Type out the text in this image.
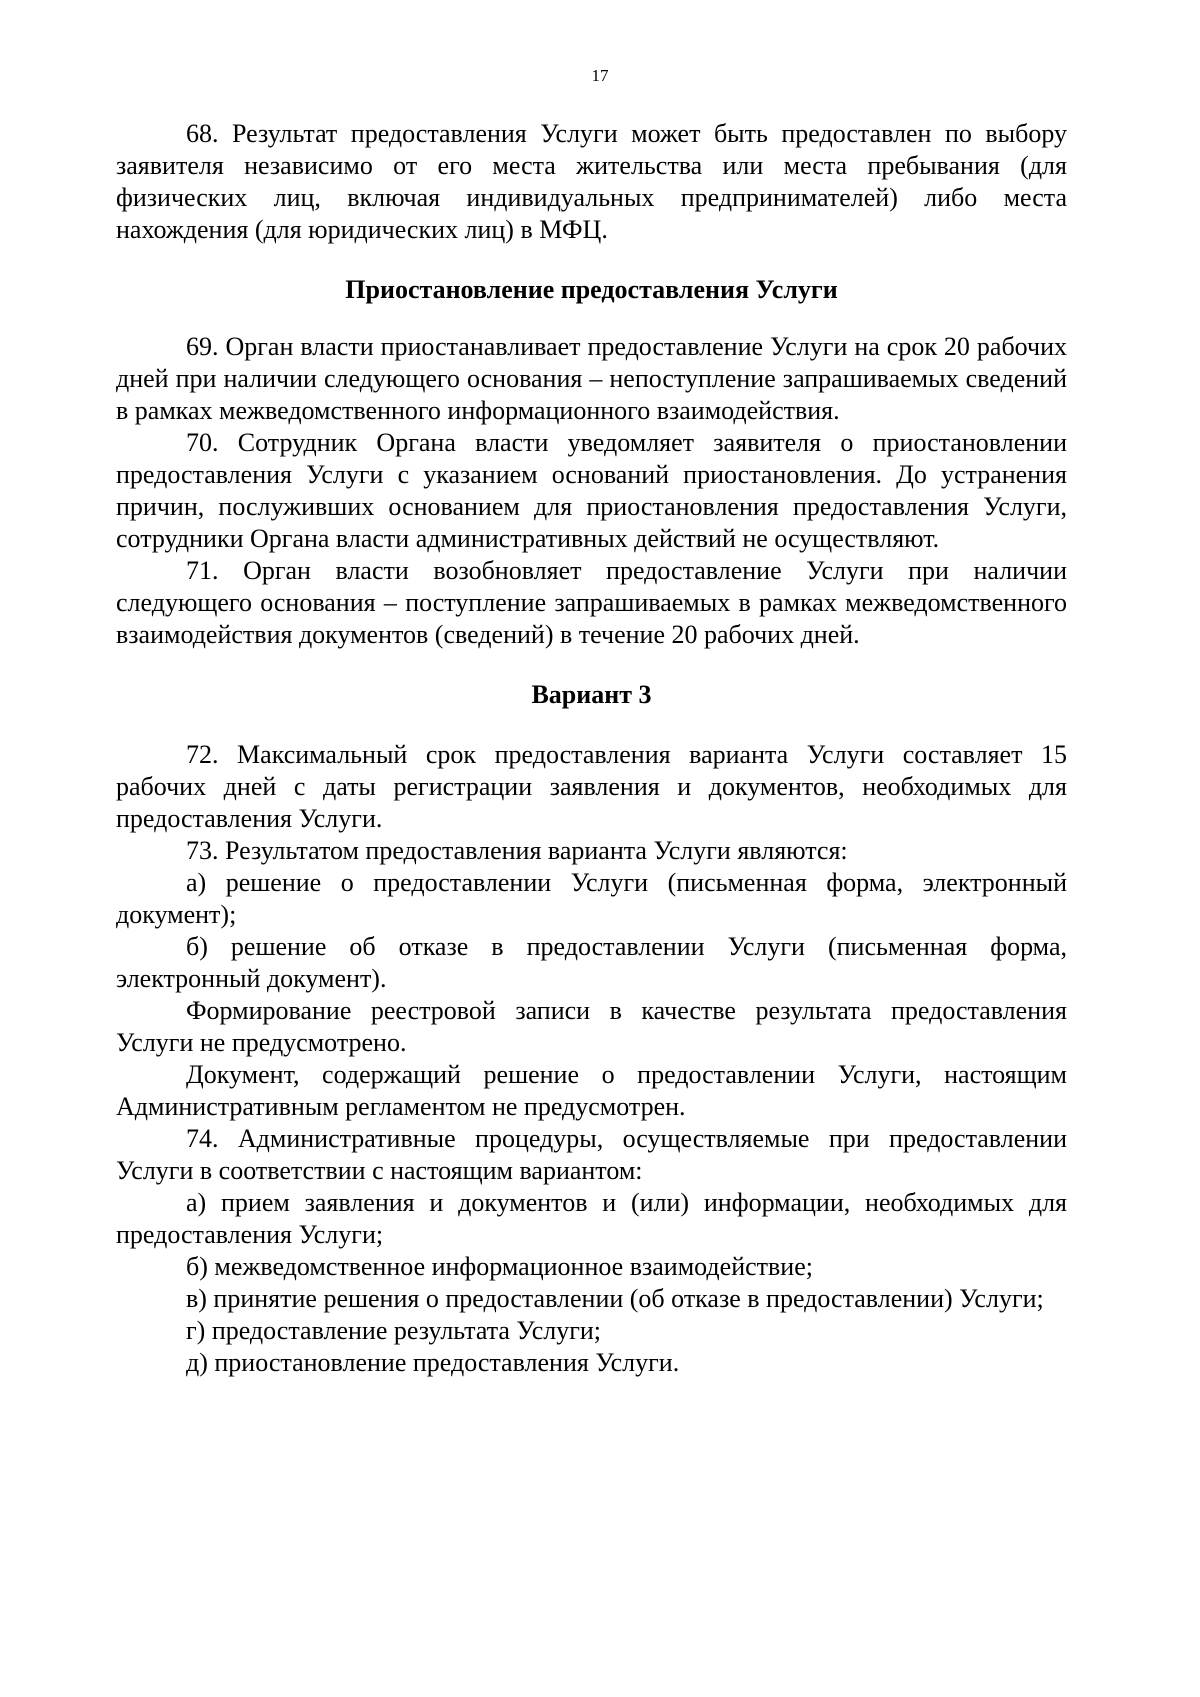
17

68. Результат предоставления Услуги может быть предоставлен по выбору заявителя независимо от его места жительства или места пребывания (для физических лиц, включая индивидуальных предпринимателей) либо места нахождения (для юридических лиц) в МФЦ.

Приостановление предоставления Услуги

69. Орган власти приостанавливает предоставление Услуги на срок 20 рабочих дней при наличии следующего основания – непоступление запрашиваемых сведений в рамках межведомственного информационного взаимодействия.

70. Сотрудник Органа власти уведомляет заявителя о приостановлении предоставления Услуги с указанием оснований приостановления. До устранения причин, послуживших основанием для приостановления предоставления Услуги, сотрудники Органа власти административных действий не осуществляют.

71. Орган власти возобновляет предоставление Услуги при наличии следующего основания – поступление запрашиваемых в рамках межведомственного взаимодействия документов (сведений) в течение 20 рабочих дней.

Вариант 3

72. Максимальный срок предоставления варианта Услуги составляет 15 рабочих дней с даты регистрации заявления и документов, необходимых для предоставления Услуги.

73. Результатом предоставления варианта Услуги являются:

а) решение о предоставлении Услуги (письменная форма, электронный документ);

б) решение об отказе в предоставлении Услуги (письменная форма, электронный документ).

Формирование реестровой записи в качестве результата предоставления Услуги не предусмотрено.

Документ, содержащий решение о предоставлении Услуги, настоящим Административным регламентом не предусмотрен.

74. Административные процедуры, осуществляемые при предоставлении Услуги в соответствии с настоящим вариантом:

а) прием заявления и документов и (или) информации, необходимых для предоставления Услуги;

б) межведомственное информационное взаимодействие;

в) принятие решения о предоставлении (об отказе в предоставлении) Услуги;

г) предоставление результата Услуги;

д) приостановление предоставления Услуги.
